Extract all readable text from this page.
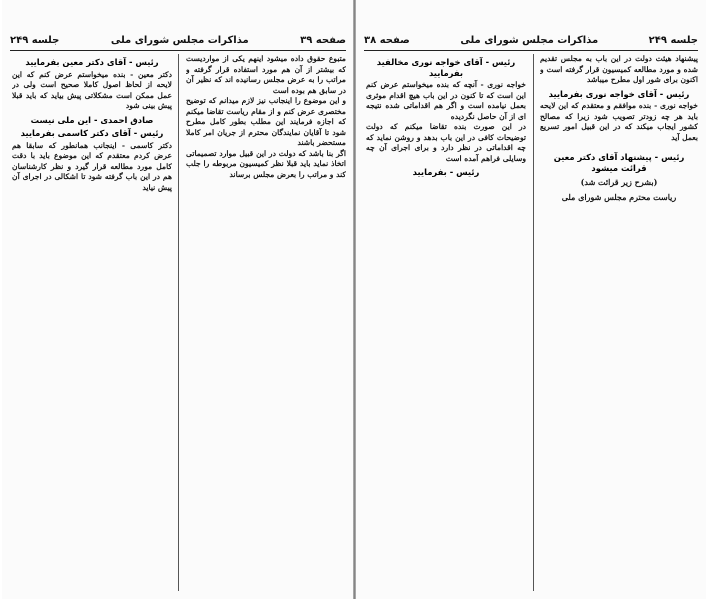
صفحه ۳۹
مذاکرات مجلس شورای ملی
جلسه ۲۴۹

متبوع حقوق داده میشود اینهم یکی از مواردیست که بیشتر از آن هم مورد استفاده قرار گرفته و مراتب را به عرض مجلس رسانیده اند که نظیر آن در سابق هم بوده است

و این موضوع را اینجانب نیز لازم میدانم که توضیح مختصری عرض کنم و از مقام ریاست تقاضا میکنم که اجازه فرمایند این مطلب بطور کامل مطرح شود تا آقایان نمایندگان محترم از جریان امر کاملا مستحضر باشند

اگر بنا باشد که دولت در این قبیل موارد تصمیماتی اتخاذ نماید باید قبلا نظر کمیسیون مربوطه را جلب کند و مراتب را بعرض مجلس برساند

رئیس - آقای دکتر معین بفرمایید

دکتر معین - بنده میخواستم عرض کنم که این لایحه از لحاظ اصول کاملا صحیح است ولی در عمل ممکن است مشکلاتی پیش بیاید که باید قبلا پیش بینی شود

صادق احمدی - این ملی نیست
رئیس - آقای دکتر کاسمی بفرمایید

دکتر کاسمی - اینجانب همانطور که سابقا هم عرض کردم معتقدم که این موضوع باید با دقت کامل مورد مطالعه قرار گیرد و نظر کارشناسان هم در این باب گرفته شود تا اشکالی در اجرای آن پیش نیاید

جلسه ۲۴۹
مذاکرات مجلس شورای ملی
صفحه ۳۸

پیشنهاد هیئت دولت در این باب به مجلس تقدیم شده و مورد مطالعه کمیسیون قرار گرفته است و اکنون برای شور اول مطرح میباشد

رئیس - آقای خواجه نوری بفرمایید

خواجه نوری - بنده موافقم و معتقدم که این لایحه باید هر چه زودتر تصویب شود زیرا که مصالح کشور ایجاب میکند که در این قبیل امور تسریع بعمل آید

رئیس - پیشنهاد آقای دکتر معین قرائت میشود
(بشرح زیر قرائت شد)
ریاست محترم مجلس شورای ملی
رئیس - آقای خواجه نوری مخالفید بفرمایید

خواجه نوری - آنچه که بنده میخواستم عرض کنم این است که تا کنون در این باب هیچ اقدام موثری بعمل نیامده است و اگر هم اقداماتی شده نتیجه ای از آن حاصل نگردیده

در این صورت بنده تقاضا میکنم که دولت توضیحات کافی در این باب بدهد و روشن نماید که چه اقداماتی در نظر دارد و برای اجرای آن چه وسایلی فراهم آمده است

رئیس - بفرمایید
